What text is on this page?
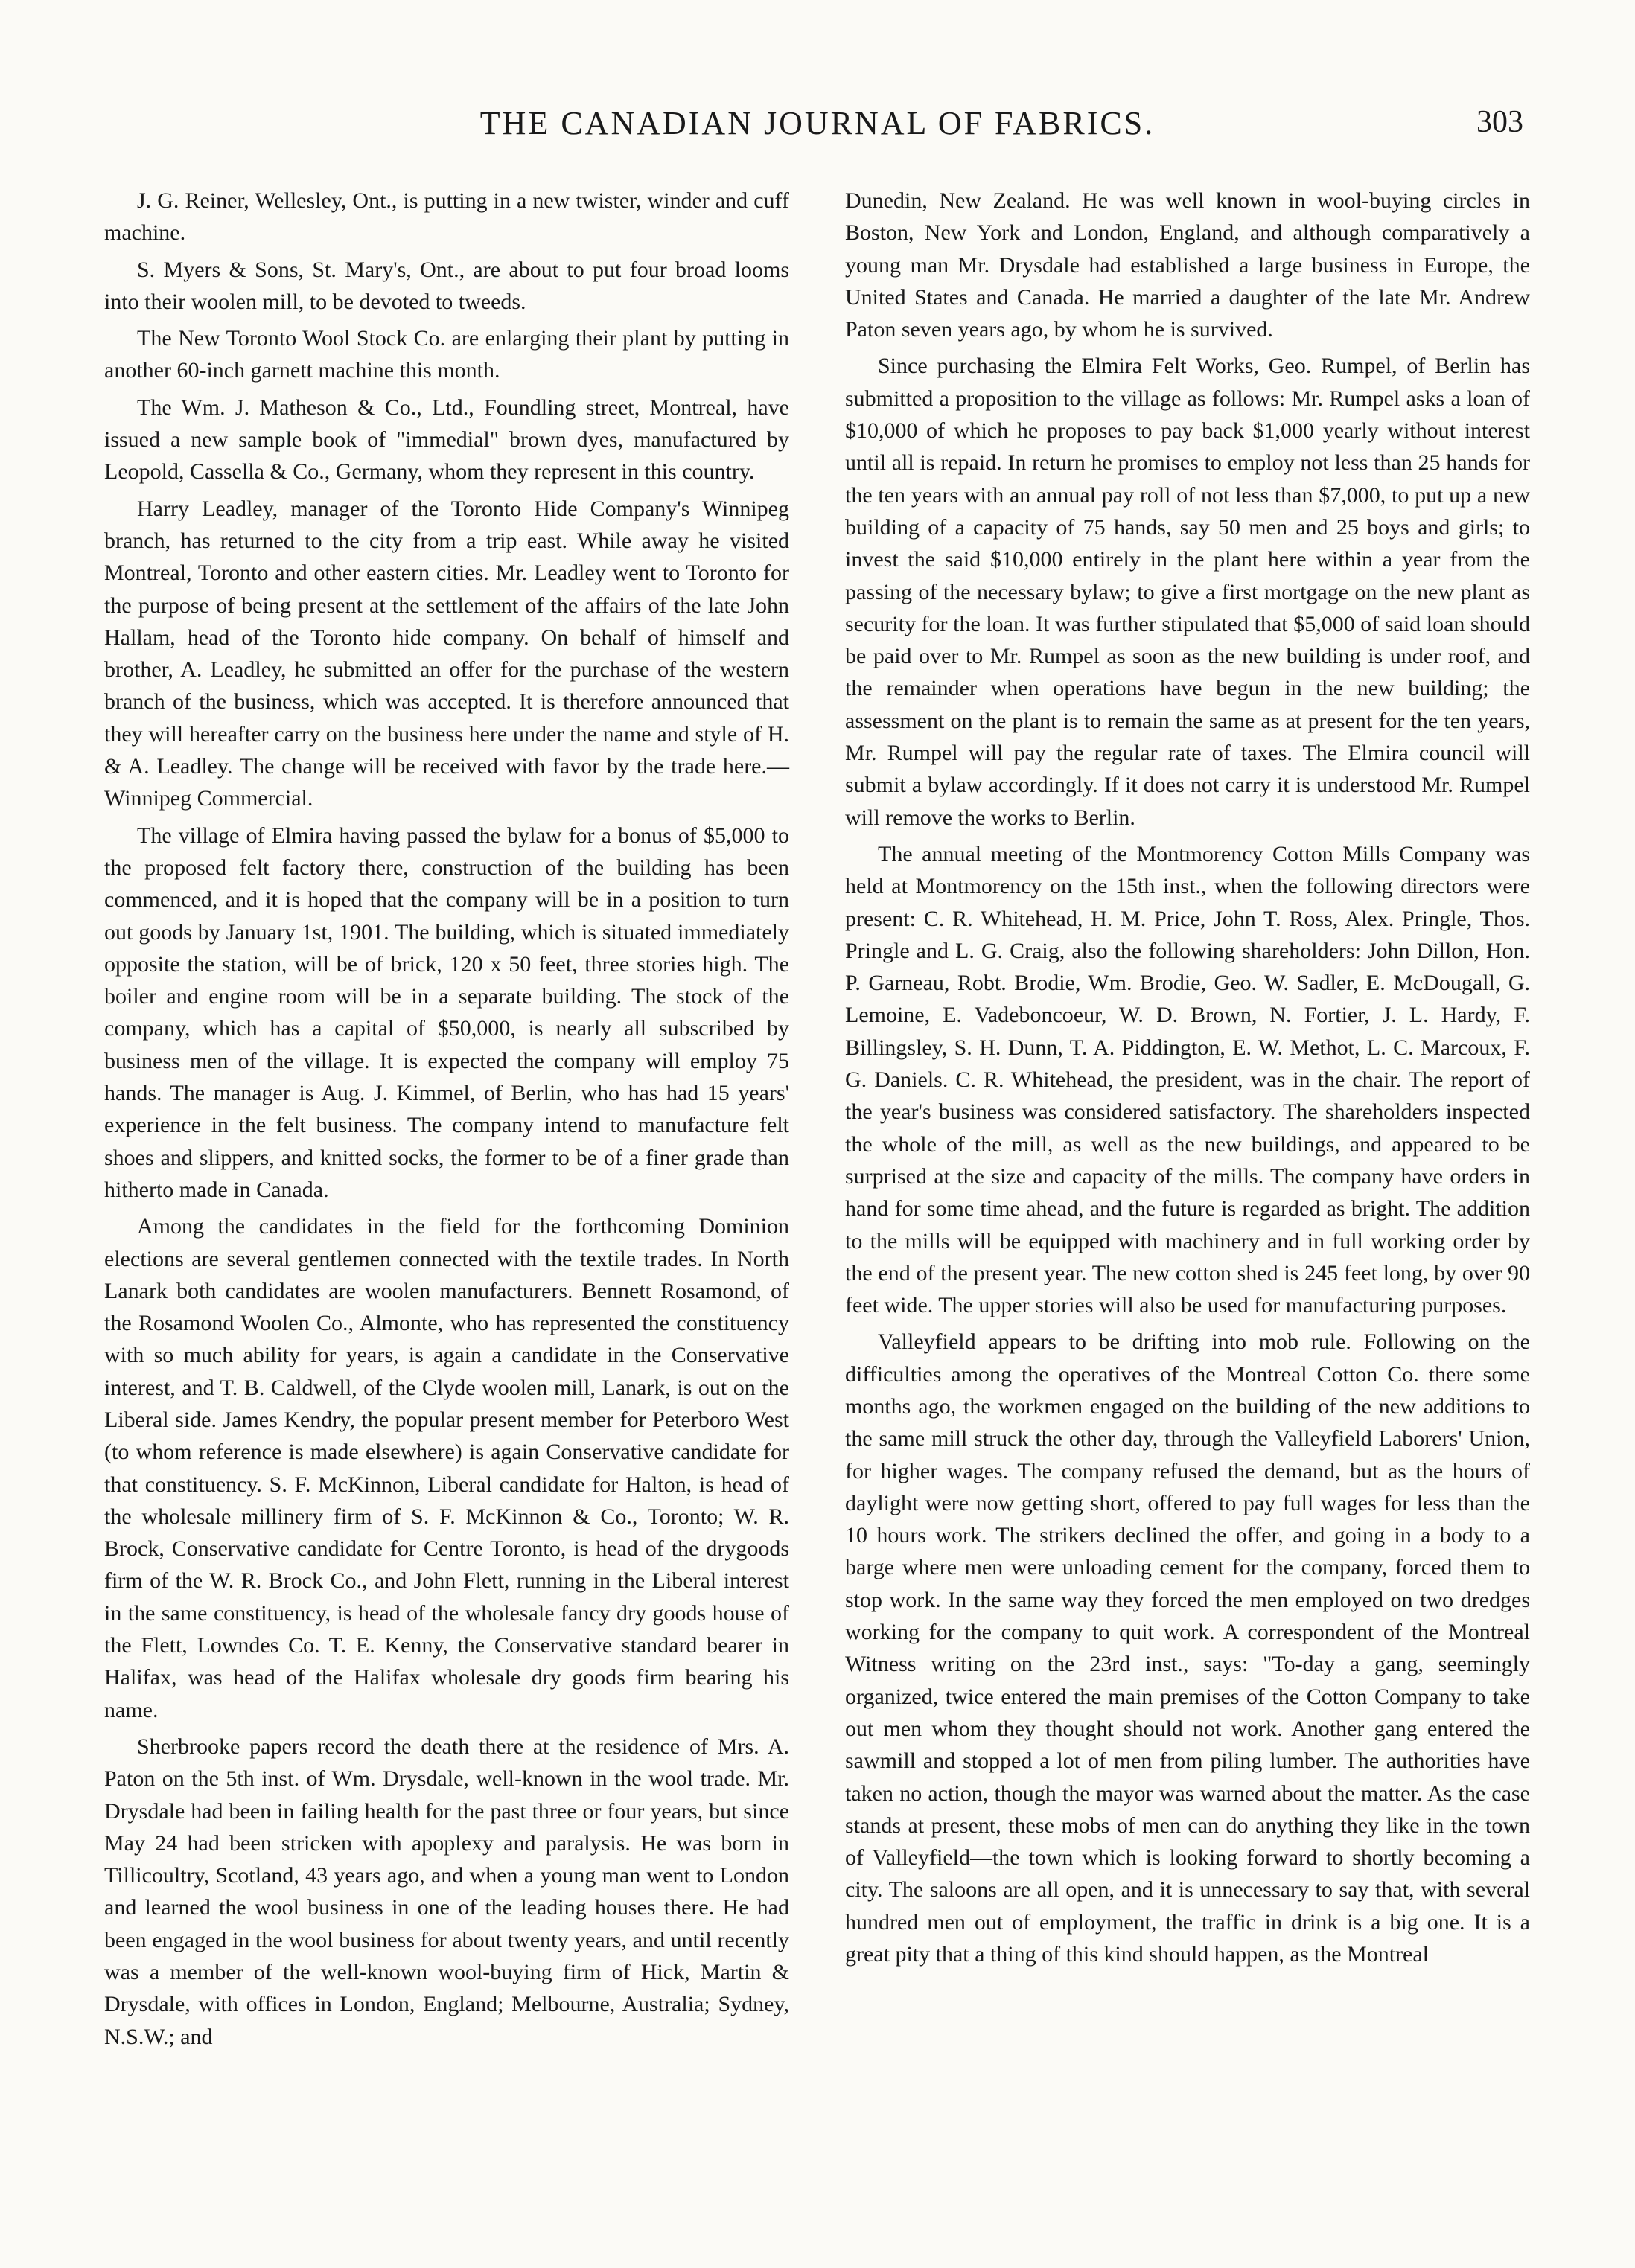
THE CANADIAN JOURNAL OF FABRICS.	303

J. G. Reiner, Wellesley, Ont., is putting in a new twister, winder and cuff machine.

S. Myers & Sons, St. Mary's, Ont., are about to put four broad looms into their woolen mill, to be devoted to tweeds.

The New Toronto Wool Stock Co. are enlarging their plant by putting in another 60-inch garnett machine this month.

The Wm. J. Matheson & Co., Ltd., Foundling street, Montreal, have issued a new sample book of "immedial" brown dyes, manufactured by Leopold, Cassella & Co., Germany, whom they represent in this country.

Harry Leadley, manager of the Toronto Hide Company's Winnipeg branch, has returned to the city from a trip east. While away he visited Montreal, Toronto and other eastern cities. Mr. Leadley went to Toronto for the purpose of being present at the settlement of the affairs of the late John Hallam, head of the Toronto hide company. On behalf of himself and brother, A. Leadley, he submitted an offer for the purchase of the western branch of the business, which was accepted. It is therefore announced that they will hereafter carry on the business here under the name and style of H. & A. Leadley. The change will be received with favor by the trade here.—Winnipeg Commercial.

The village of Elmira having passed the bylaw for a bonus of $5,000 to the proposed felt factory there, construction of the building has been commenced, and it is hoped that the company will be in a position to turn out goods by January 1st, 1901. The building, which is situated immediately opposite the station, will be of brick, 120 x 50 feet, three stories high. The boiler and engine room will be in a separate building. The stock of the company, which has a capital of $50,000, is nearly all subscribed by business men of the village. It is expected the company will employ 75 hands. The manager is Aug. J. Kimmel, of Berlin, who has had 15 years' experience in the felt business. The company intend to manufacture felt shoes and slippers, and knitted socks, the former to be of a finer grade than hitherto made in Canada.

Among the candidates in the field for the forthcoming Dominion elections are several gentlemen connected with the textile trades. In North Lanark both candidates are woolen manufacturers. Bennett Rosamond, of the Rosamond Woolen Co., Almonte, who has represented the constituency with so much ability for years, is again a candidate in the Conservative interest, and T. B. Caldwell, of the Clyde woolen mill, Lanark, is out on the Liberal side. James Kendry, the popular present member for Peterboro West (to whom reference is made elsewhere) is again Conservative candidate for that constituency. S. F. McKinnon, Liberal candidate for Halton, is head of the wholesale millinery firm of S. F. McKinnon & Co., Toronto; W. R. Brock, Conservative candidate for Centre Toronto, is head of the drygoods firm of the W. R. Brock Co., and John Flett, running in the Liberal interest in the same constituency, is head of the wholesale fancy dry goods house of the Flett, Lowndes Co. T. E. Kenny, the Conservative standard bearer in Halifax, was head of the Halifax wholesale dry goods firm bearing his name.

Sherbrooke papers record the death there at the residence of Mrs. A. Paton on the 5th inst. of Wm. Drysdale, well-known in the wool trade. Mr. Drysdale had been in failing health for the past three or four years, but since May 24 had been stricken with apoplexy and paralysis. He was born in Tillicoultry, Scotland, 43 years ago, and when a young man went to London and learned the wool business in one of the leading houses there. He had been engaged in the wool business for about twenty years, and until recently was a member of the well-known wool-buying firm of Hick, Martin & Drysdale, with offices in London, England; Melbourne, Australia; Sydney, N.S.W.; and

Dunedin, New Zealand. He was well known in wool-buying circles in Boston, New York and London, England, and although comparatively a young man Mr. Drysdale had established a large business in Europe, the United States and Canada. He married a daughter of the late Mr. Andrew Paton seven years ago, by whom he is survived.

Since purchasing the Elmira Felt Works, Geo. Rumpel, of Berlin has submitted a proposition to the village as follows: Mr. Rumpel asks a loan of $10,000 of which he proposes to pay back $1,000 yearly without interest until all is repaid. In return he promises to employ not less than 25 hands for the ten years with an annual pay roll of not less than $7,000, to put up a new building of a capacity of 75 hands, say 50 men and 25 boys and girls; to invest the said $10,000 entirely in the plant here within a year from the passing of the necessary bylaw; to give a first mortgage on the new plant as security for the loan. It was further stipulated that $5,000 of said loan should be paid over to Mr. Rumpel as soon as the new building is under roof, and the remainder when operations have begun in the new building; the assessment on the plant is to remain the same as at present for the ten years, Mr. Rumpel will pay the regular rate of taxes. The Elmira council will submit a bylaw accordingly. If it does not carry it is understood Mr. Rumpel will remove the works to Berlin.

The annual meeting of the Montmorency Cotton Mills Company was held at Montmorency on the 15th inst., when the following directors were present: C. R. Whitehead, H. M. Price, John T. Ross, Alex. Pringle, Thos. Pringle and L. G. Craig, also the following shareholders: John Dillon, Hon. P. Garneau, Robt. Brodie, Wm. Brodie, Geo. W. Sadler, E. McDougall, G. Lemoine, E. Vadeboncoeur, W. D. Brown, N. Fortier, J. L. Hardy, F. Billingsley, S. H. Dunn, T. A. Piddington, E. W. Methot, L. C. Marcoux, F. G. Daniels. C. R. Whitehead, the president, was in the chair. The report of the year's business was considered satisfactory. The shareholders inspected the whole of the mill, as well as the new buildings, and appeared to be surprised at the size and capacity of the mills. The company have orders in hand for some time ahead, and the future is regarded as bright. The addition to the mills will be equipped with machinery and in full working order by the end of the present year. The new cotton shed is 245 feet long, by over 90 feet wide. The upper stories will also be used for manufacturing purposes.

Valleyfield appears to be drifting into mob rule. Following on the difficulties among the operatives of the Montreal Cotton Co. there some months ago, the workmen engaged on the building of the new additions to the same mill struck the other day, through the Valleyfield Laborers' Union, for higher wages. The company refused the demand, but as the hours of daylight were now getting short, offered to pay full wages for less than the 10 hours work. The strikers declined the offer, and going in a body to a barge where men were unloading cement for the company, forced them to stop work. In the same way they forced the men employed on two dredges working for the company to quit work. A correspondent of the Montreal Witness writing on the 23rd inst., says: "To-day a gang, seemingly organized, twice entered the main premises of the Cotton Company to take out men whom they thought should not work. Another gang entered the sawmill and stopped a lot of men from piling lumber. The authorities have taken no action, though the mayor was warned about the matter. As the case stands at present, these mobs of men can do anything they like in the town of Valleyfield—the town which is looking forward to shortly becoming a city. The saloons are all open, and it is unnecessary to say that, with several hundred men out of employment, the traffic in drink is a big one. It is a great pity that a thing of this kind should happen, as the Montreal
